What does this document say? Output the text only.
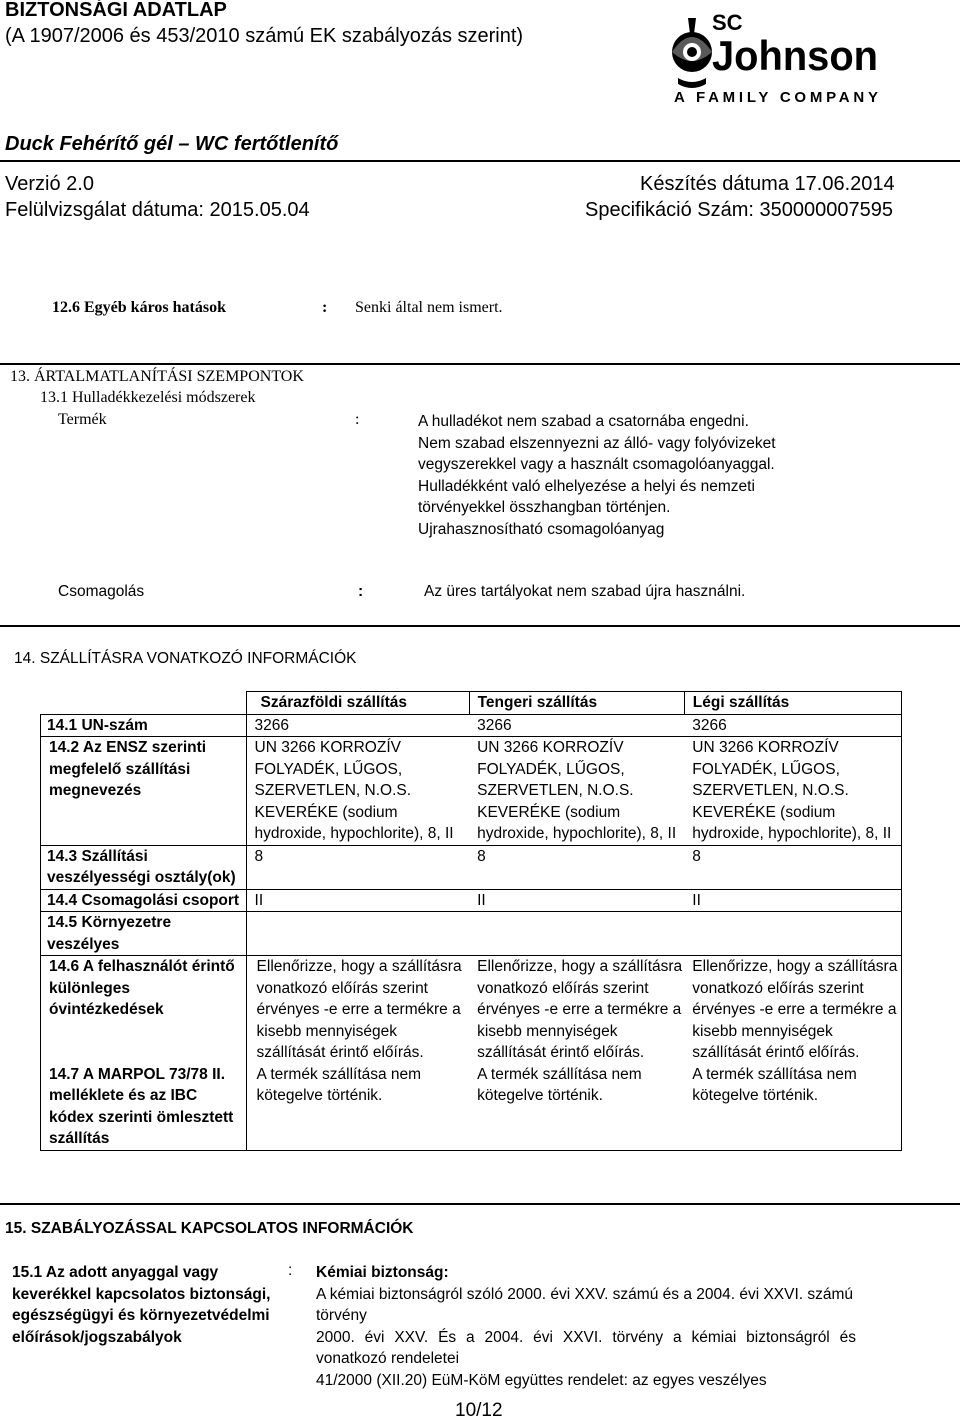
BIZTONSÁGI ADATLAP
(A 1907/2006 és 453/2010 számú EK szabályozás szerint)
SC
Johnson
A FAMILY COMPANY
Duck Fehérítő gél – WC fertőtlenítő
Verzió 2.0	Készítés dátuma 17.06.2014
Felülvizsgálat dátuma: 2015.05.04	Specifikáció Szám: 350000007595
12.6 Egyéb káros hatások	: Senki által nem ismert.
13. ÁRTALMATLANÍTÁSI SZEMPONTOK
13.1 Hulladékkezelési módszerek
Termék	:	A hulladékot nem szabad a csatornába engedni.
Nem szabad elszennyezni az álló- vagy folyóvizeket
vegyszerekkel vagy a használt csomagolóanyaggal.
Hulladékként való elhelyezése a helyi és nemzeti
törvényekkel összhangban történjen.
Ujrahasznosítható csomagolóanyag
Csomagolás	:	Az üres tartályokat nem szabad újra használni.
14. SZÁLLÍTÁSRA VONATKOZÓ INFORMÁCIÓK
	Szárazföldi szállítás	Tengeri szállítás	Légi szállítás
14.1 UN-szám	3266	3266	3266
14.2 Az ENSZ szerinti megfelelő szállítási megnevezés	UN 3266 KORROZÍV FOLYADÉK, LŰGOS, SZERVETLEN, N.O.S. KEVERÉKE (sodium hydroxide, hypochlorite), 8, II	UN 3266 KORROZÍV FOLYADÉK, LŰGOS, SZERVETLEN, N.O.S. KEVERÉKE (sodium hydroxide, hypochlorite), 8, II	UN 3266 KORROZÍV FOLYADÉK, LŰGOS, SZERVETLEN, N.O.S. KEVERÉKE (sodium hydroxide, hypochlorite), 8, II
14.3 Szállítási veszélyességi osztály(ok)	8	8	8
14.4 Csomagolási csoport	II	II	II
14.5 Környezetre veszélyes			
14.6 A felhasználót érintő különleges óvintézkedések	Ellenőrizze, hogy a szállításra vonatkozó előírás szerint érvényes -e erre a termékre a kisebb mennyiségek szállítását érintő előírás.	Ellenőrizze, hogy a szállításra vonatkozó előírás szerint érvényes -e erre a termékre a kisebb mennyiségek szállítását érintő előírás.	Ellenőrizze, hogy a szállításra vonatkozó előírás szerint érvényes -e erre a termékre a kisebb mennyiségek szállítását érintő előírás.
14.7 A MARPOL 73/78 II. melléklete és az IBC kódex szerinti ömlesztett szállítás	A termék szállítása nem kötegelve történik.	A termék szállítása nem kötegelve történik.	A termék szállítása nem kötegelve történik.
15. SZABÁLYOZÁSSAL KAPCSOLATOS INFORMÁCIÓK
15.1 Az adott anyaggal vagy keverékkel kapcsolatos biztonsági, egészségügyi és környezetvédelmi előírások/jogszabályok
: Kémiai biztonság:
A kémiai biztonságról szóló 2000. évi XXV. számú és a 2004. évi XXVI. számú törvény
2000. évi XXV. És a 2004. évi XXVI. törvény a kémiai biztonságról és vonatkozó rendeletei
41/2000 (XII.20) EüM-KöM együttes rendelet: az egyes veszélyes
10/12
